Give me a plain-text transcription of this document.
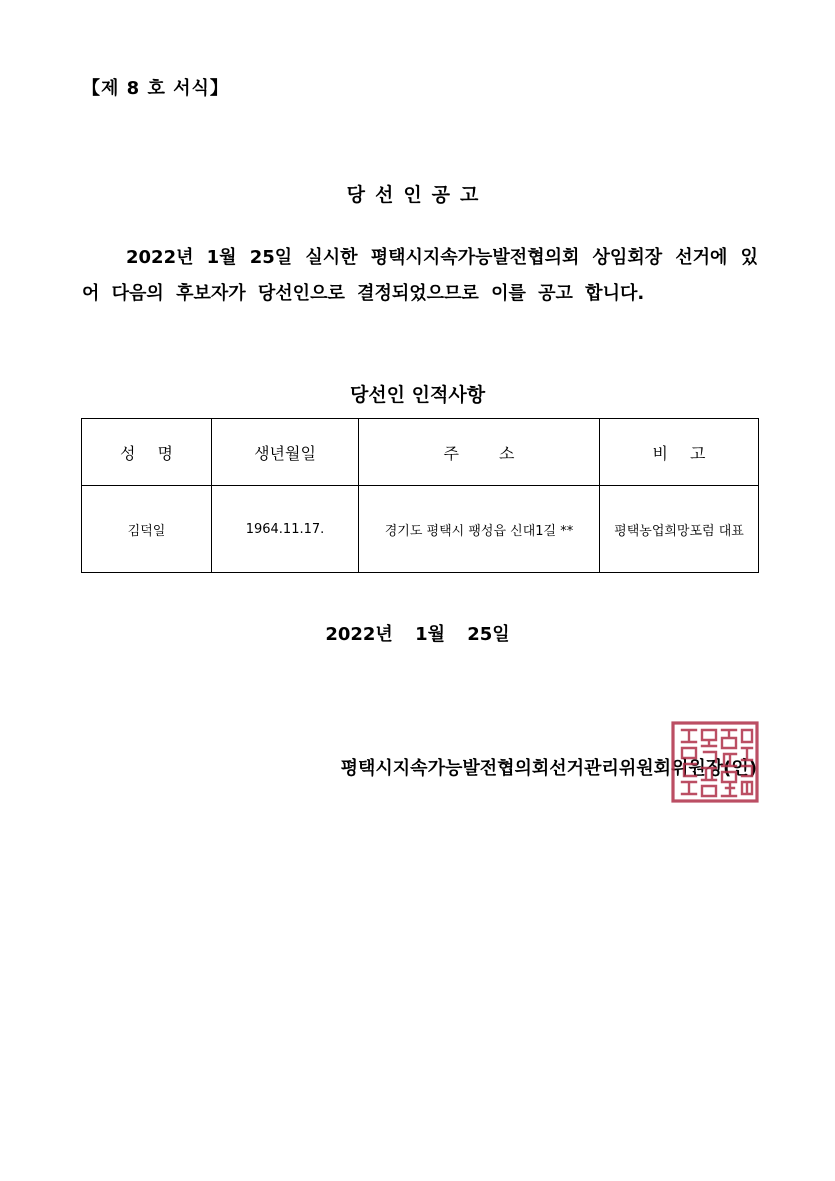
【제 8 호 서식】
당선인공고
2022년 1월 25일 실시한 평택시지속가능발전협의회 상임회장 선거에 있어 다음의 후보자가 당선인으로 결정되었으므로 이를 공고 합니다.
당선인 인적사항
성명	생년월일	주소	비고
김덕일	1964.11.17.	경기도 평택시 팽성읍 신대1길 **	평택농업희망포럼 대표
2022년 1월 25일
평택시지속가능발전협의회선거관리위원회위원장(인)
